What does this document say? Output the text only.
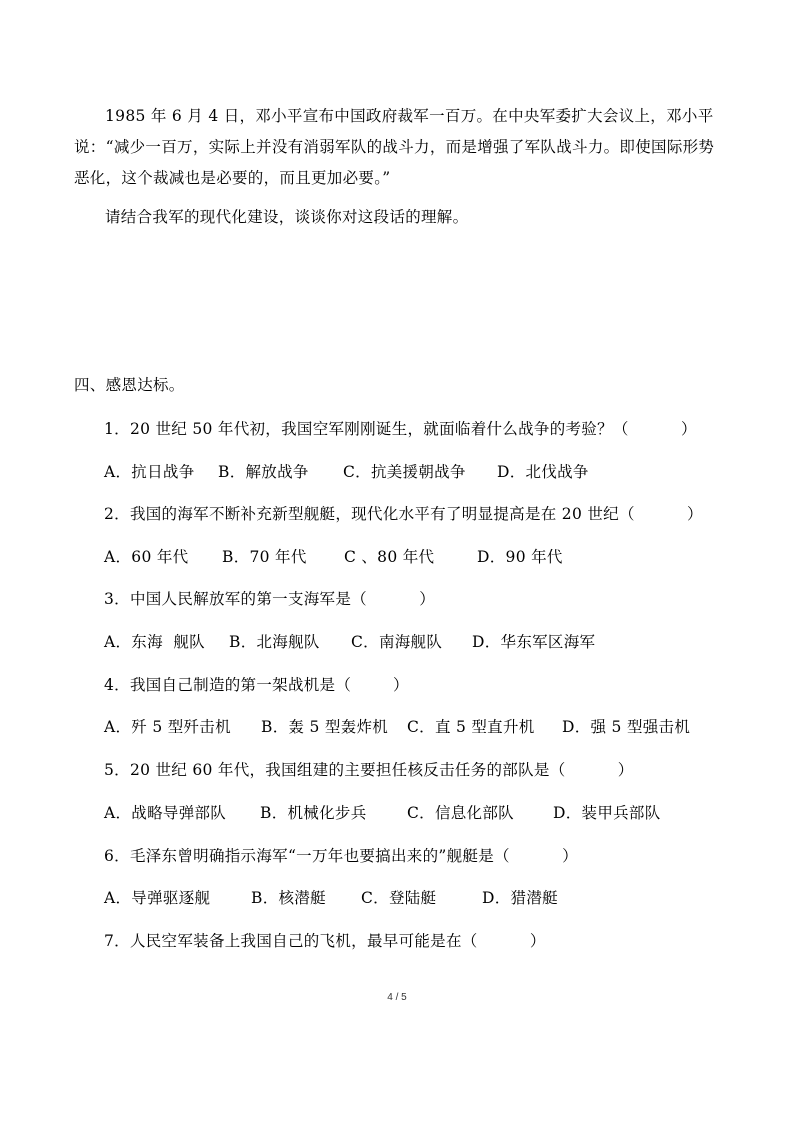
1985 年 6 月 4 日，邓小平宣布中国政府裁军一百万。在中央军委扩大会议上，邓小平说：“减少一百万，实际上并没有消弱军队的战斗力，而是增强了军队战斗力。即使国际形势恶化，这个裁减也是必要的，而且更加必要。”
请结合我军的现代化建设，谈谈你对这段话的理解。
四、感恩达标。
1．20 世纪 50 年代初，我国空军刚刚诞生，就面临着什么战争的考验？（          ）
A．抗日战争 B．解放战争 C．抗美援朝战争 D．北伐战争
2．我国的海军不断补充新型舰艇，现代化水平有了明显提高是在 20 世纪（          ）
A．60 年代 B．70 年代 C 、80 年代	D．90 年代
3．中国人民解放军的第一支海军是（          ）
A．东海  舰队 B．北海舰队 C．南海舰队 D．华东军区海军
4．我国自己制造的第一架战机是（        ）
A．歼 5 型歼击机 B．轰 5 型轰炸机 C．直 5 型直升机 D．强 5 型强击机
5．20 世纪 60 年代，我国组建的主要担任核反击任务的部队是（          ）
A．战略导弹部队 B．机械化步兵	C．信息化部队	D．装甲兵部队
6．毛泽东曾明确指示海军“一万年也要搞出来的”舰艇是（          ）
A．导弹驱逐舰	B．核潜艇 C．登陆艇	D．猎潜艇
7．人民空军装备上我国自己的飞机，最早可能是在（          ）
4 / 5
